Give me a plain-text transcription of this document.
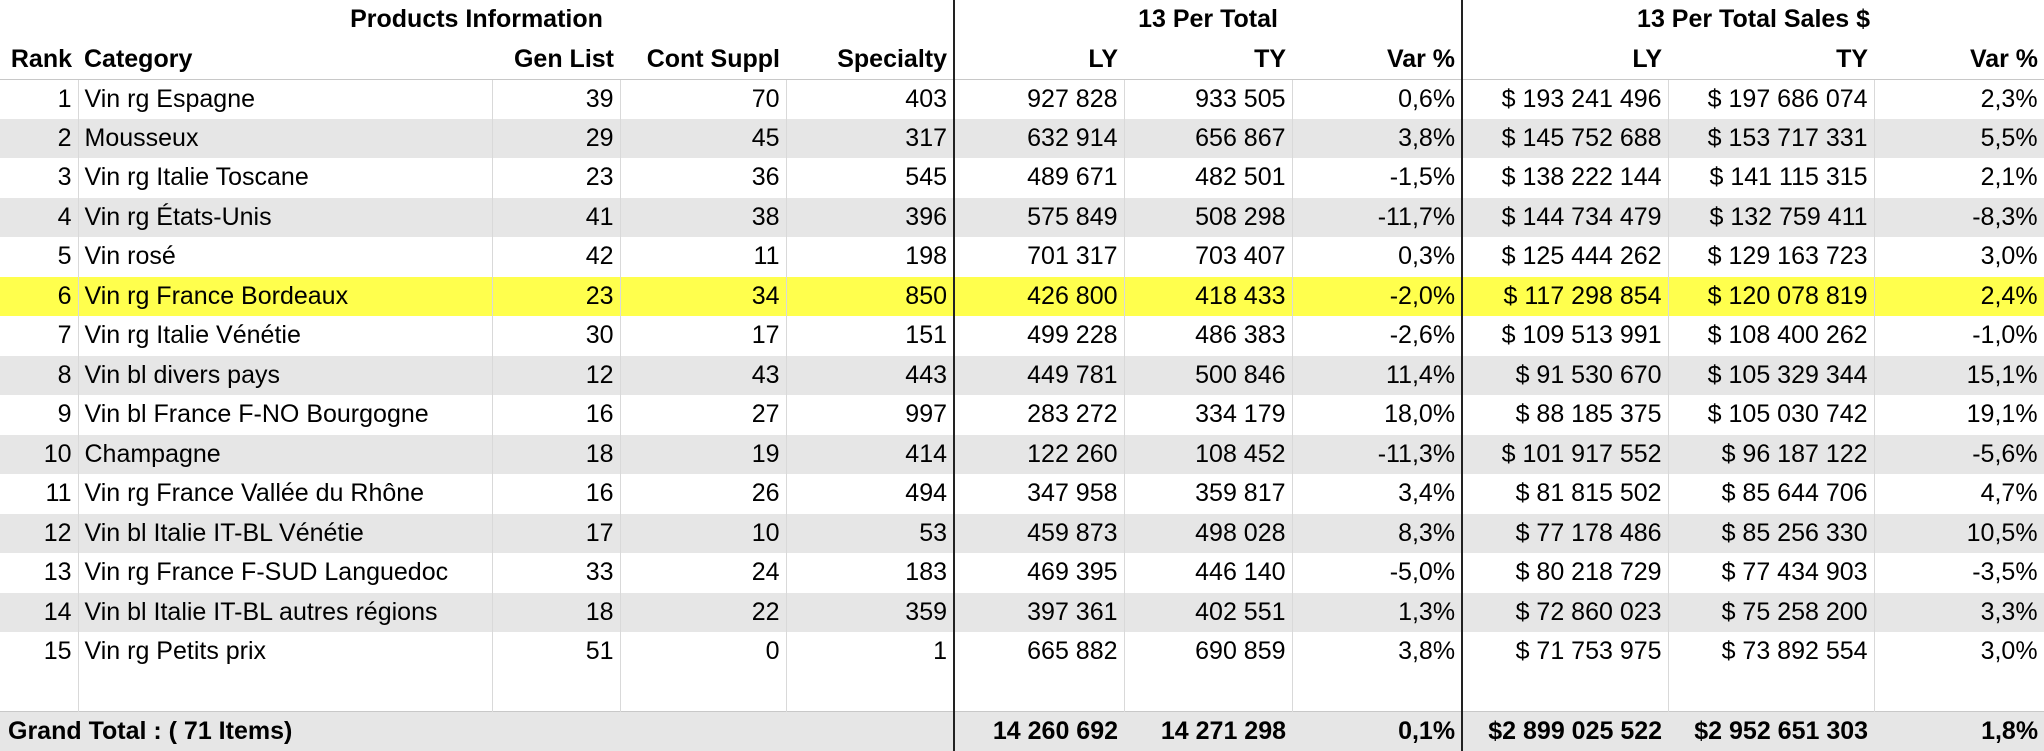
Products Information					13 Per Total			13 Per Total Sales $		
Rank	Category	Gen List	Cont Suppl	Specialty	LY	TY	Var %	LY	TY	Var %
1	Vin rg Espagne	39	70	403	927 828	933 505	0,6%	$ 193 241 496	$ 197 686 074	2,3%
2	Mousseux	29	45	317	632 914	656 867	3,8%	$ 145 752 688	$ 153 717 331	5,5%
3	Vin rg Italie Toscane	23	36	545	489 671	482 501	-1,5%	$ 138 222 144	$ 141 115 315	2,1%
4	Vin rg États-Unis	41	38	396	575 849	508 298	-11,7%	$ 144 734 479	$ 132 759 411	-8,3%
5	Vin rosé	42	11	198	701 317	703 407	0,3%	$ 125 444 262	$ 129 163 723	3,0%
6	Vin rg France Bordeaux	23	34	850	426 800	418 433	-2,0%	$ 117 298 854	$ 120 078 819	2,4%
7	Vin rg Italie Vénétie	30	17	151	499 228	486 383	-2,6%	$ 109 513 991	$ 108 400 262	-1,0%
8	Vin bl divers pays	12	43	443	449 781	500 846	11,4%	$ 91 530 670	$ 105 329 344	15,1%
9	Vin bl France F-NO Bourgogne	16	27	997	283 272	334 179	18,0%	$ 88 185 375	$ 105 030 742	19,1%
10	Champagne	18	19	414	122 260	108 452	-11,3%	$ 101 917 552	$ 96 187 122	-5,6%
11	Vin rg France Vallée du Rhône	16	26	494	347 958	359 817	3,4%	$ 81 815 502	$ 85 644 706	4,7%
12	Vin bl Italie IT-BL Vénétie	17	10	53	459 873	498 028	8,3%	$ 77 178 486	$ 85 256 330	10,5%
13	Vin rg France F-SUD Languedoc	33	24	183	469 395	446 140	-5,0%	$ 80 218 729	$ 77 434 903	-3,5%
14	Vin bl Italie IT-BL autres régions	18	22	359	397 361	402 551	1,3%	$ 72 860 023	$ 75 258 200	3,3%
15	Vin rg Petits prix	51	0	1	665 882	690 859	3,8%	$ 71 753 975	$ 73 892 554	3,0%

Grand Total : ( 71 Items)					14 260 692	14 271 298	0,1%	$2 899 025 522	$2 952 651 303	1,8%
